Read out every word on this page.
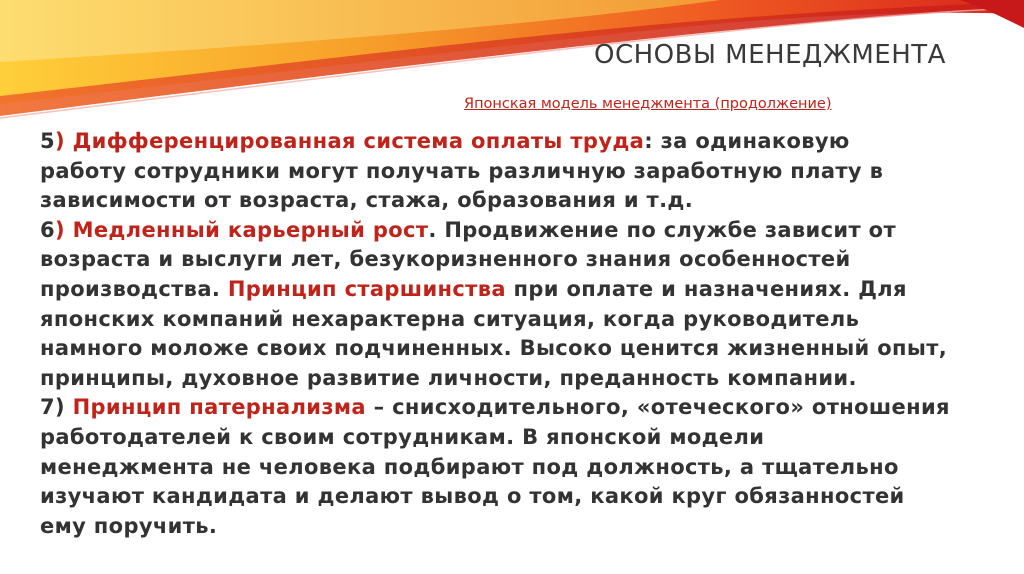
ОСНОВЫ МЕНЕДЖМЕНТА
Японская модель менеджмента (продолжение)
5) Дифференцированная система оплаты труда: за одинаковую
работу сотрудники могут получать различную заработную плату в
зависимости от возраста, стажа, образования и т.д.
6) Медленный карьерный рост. Продвижение по службе зависит от
возраста и выслуги лет, безукоризненного знания особенностей
производства. Принцип старшинства при оплате и назначениях. Для
японских компаний нехарактерна ситуация, когда руководитель
намного моложе своих подчиненных. Высоко ценится жизненный опыт,
принципы, духовное развитие личности, преданность компании.
7) Принцип патернализма – снисходительного, «отеческого» отношения
работодателей к своим сотрудникам. В японской модели
менеджмента не человека подбирают под должность, а тщательно
изучают кандидата и делают вывод о том, какой круг обязанностей
ему поручить.
